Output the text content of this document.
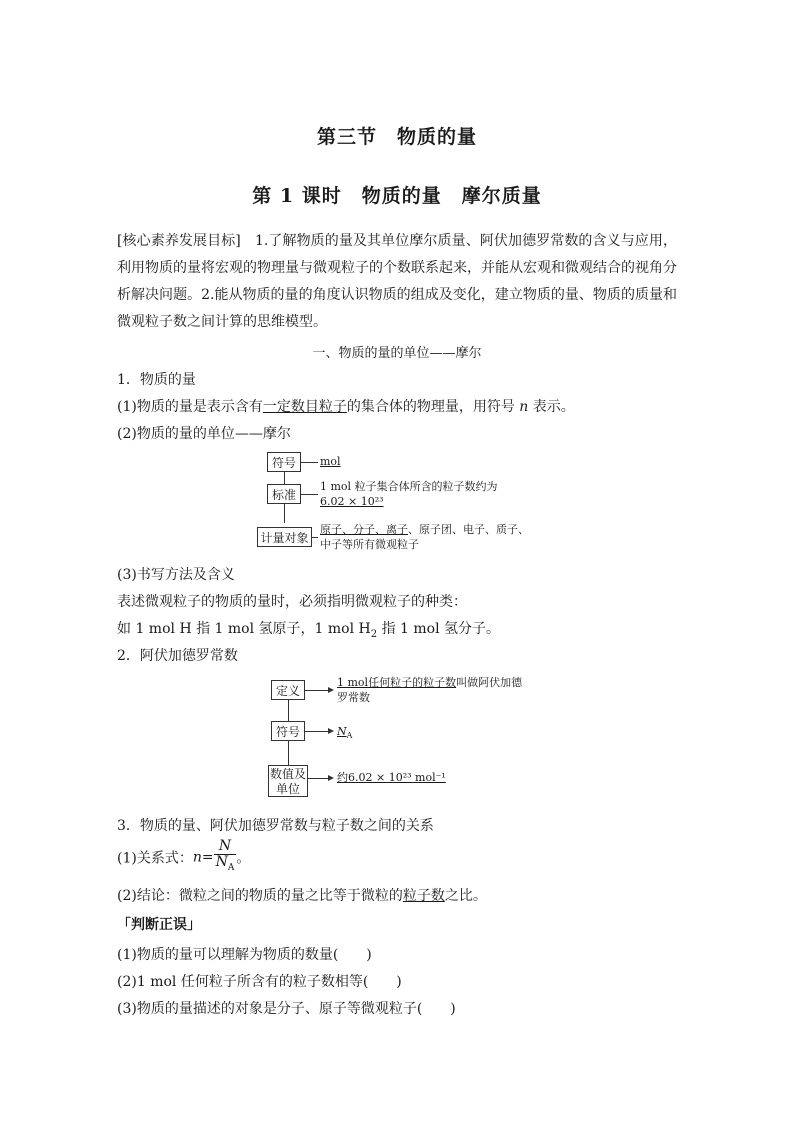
第三节　物质的量
第 1 课时　物质的量　摩尔质量
[核心素养发展目标]　1.了解物质的量及其单位摩尔质量、阿伏加德罗常数的含义与应用，利用物质的量将宏观的物理量与微观粒子的个数联系起来，并能从宏观和微观结合的视角分析解决问题。2.能从物质的量的角度认识物质的组成及变化，建立物质的量、物质的质量和微观粒子数之间计算的思维模型。
一、物质的量的单位——摩尔
1．物质的量
(1)物质的量是表示含有一定数目粒子的集合体的物理量，用符号 n 表示。
(2)物质的量的单位——摩尔
符号	mol
标准
1 mol 粒子集合体所含的粒子数约为
6.02 × 10²³
计量对象
原子、分子、离子、原子团、电子、质子、
中子等所有微观粒子
(3)书写方法及含义
表述微观粒子的物质的量时，必须指明微观粒子的种类：
如 1 mol H 指 1 mol 氢原子，1 mol $H_2$ 指 1 mol 氢分子。
2．阿伏加德罗常数
定义
1 mol任何粒子的粒子数叫做阿伏加德
罗常数
符号	$N_A$
数值及
单位
约6.02 × 10²³ mol⁻¹
3．物质的量、阿伏加德罗常数与粒子数之间的关系
(1)关系式：$n= \frac{N}{N_A}$ 。
(2)结论：微粒之间的物质的量之比等于微粒的粒子数之比。
「判断正误」
(1)物质的量可以理解为物质的数量(　　)
(2)1 mol 任何粒子所含有的粒子数相等(　　)
(3)物质的量描述的对象是分子、原子等微观粒子(　　)
